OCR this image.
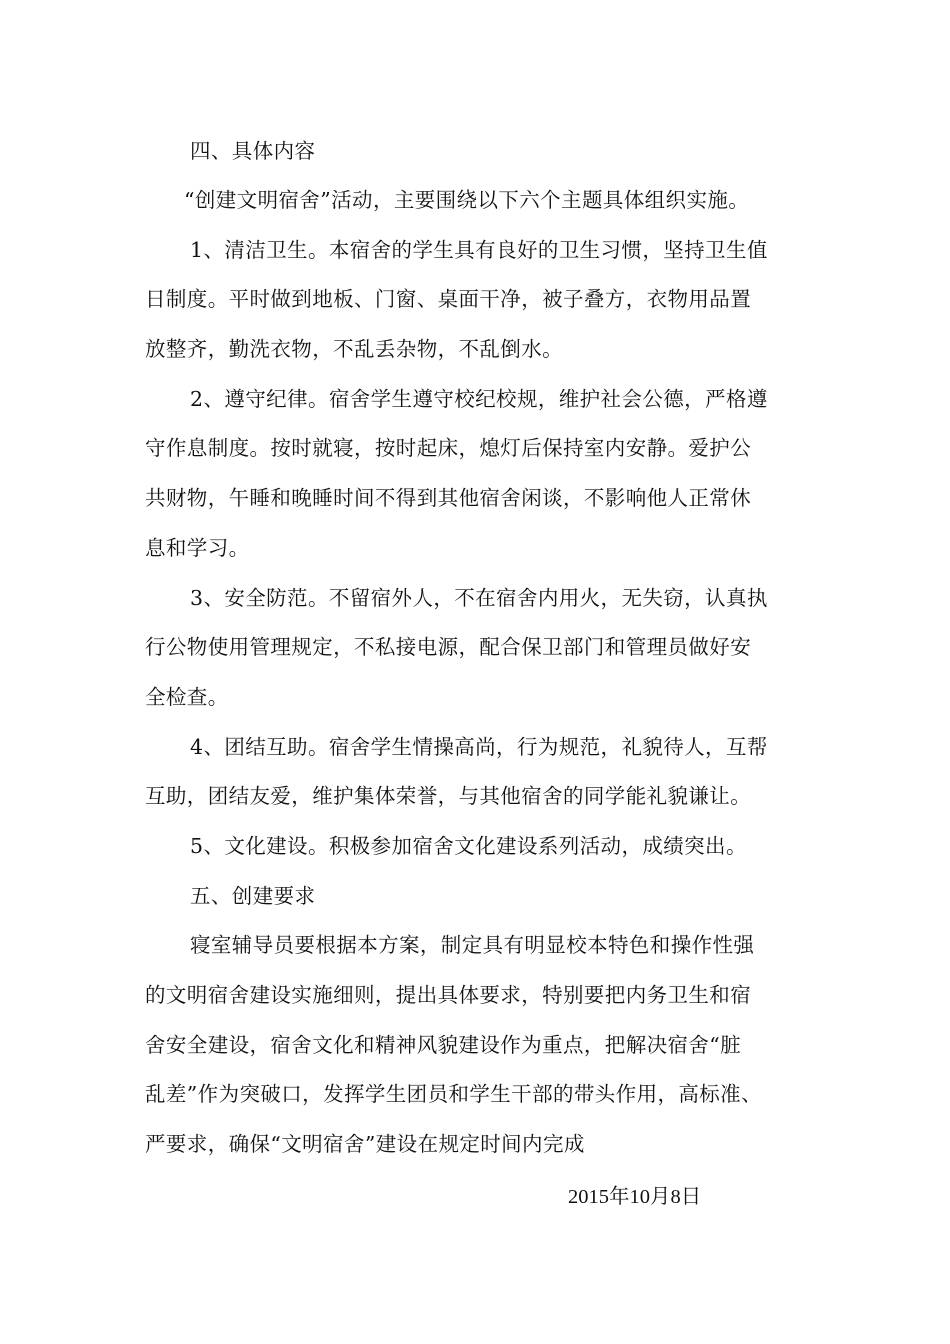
四、具体内容
“创建文明宿舍”活动，主要围绕以下六个主题具体组织实施。
1、清洁卫生。本宿舍的学生具有良好的卫生习惯，坚持卫生值
日制度。平时做到地板、门窗、桌面干净，被子叠方，衣物用品置
放整齐，勤洗衣物，不乱丢杂物，不乱倒水。
2、遵守纪律。宿舍学生遵守校纪校规，维护社会公德，严格遵
守作息制度。按时就寝，按时起床，熄灯后保持室内安静。爱护公
共财物，午睡和晚睡时间不得到其他宿舍闲谈，不影响他人正常休
息和学习。
3、安全防范。不留宿外人，不在宿舍内用火，无失窃，认真执
行公物使用管理规定，不私接电源，配合保卫部门和管理员做好安
全检查。
4、团结互助。宿舍学生情操高尚，行为规范，礼貌待人，互帮
互助，团结友爱，维护集体荣誉，与其他宿舍的同学能礼貌谦让。
5、文化建设。积极参加宿舍文化建设系列活动，成绩突出。
五、创建要求
寝室辅导员要根据本方案，制定具有明显校本特色和操作性强
的文明宿舍建设实施细则，提出具体要求，特别要把内务卫生和宿
舍安全建设，宿舍文化和精神风貌建设作为重点，把解决宿舍“脏
乱差”作为突破口，发挥学生团员和学生干部的带头作用，高标准、
严要求，确保“文明宿舍”建设在规定时间内完成
2015年10月8日
